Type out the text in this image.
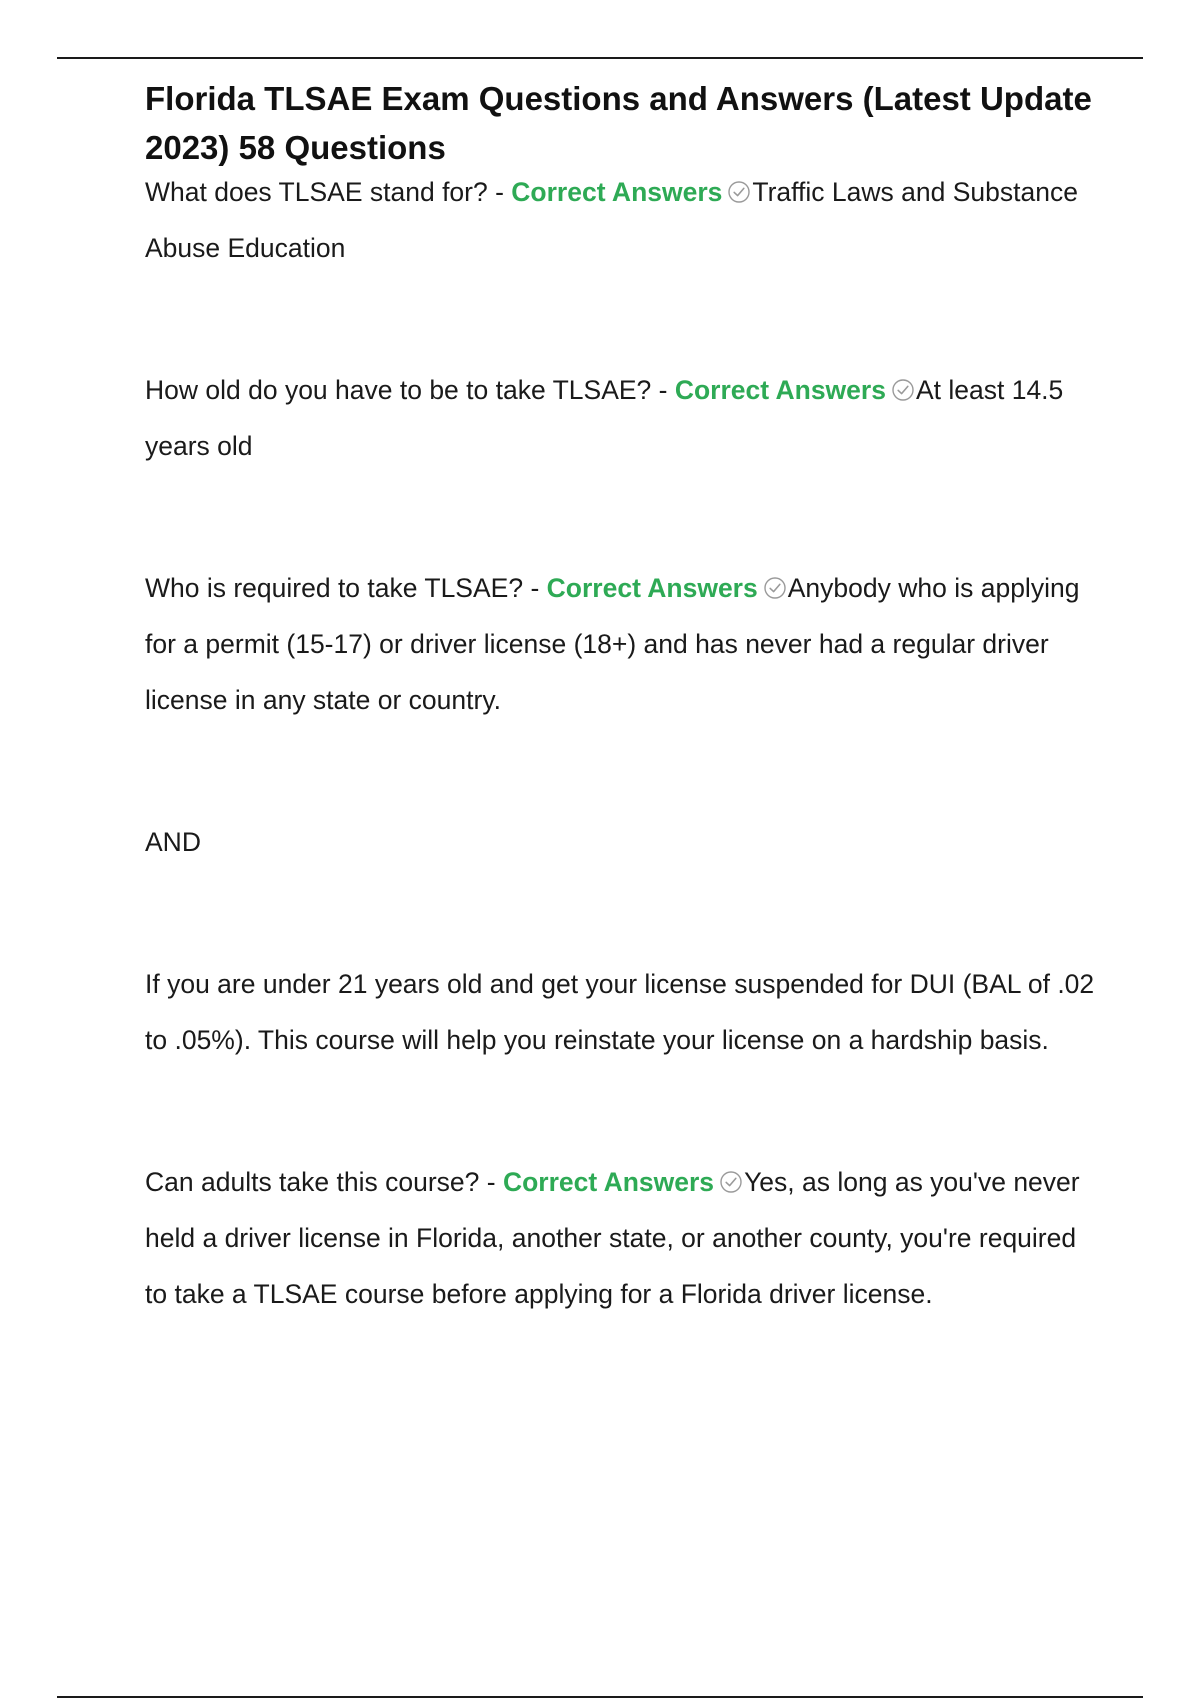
Florida TLSAE Exam Questions and Answers (Latest Update 2023) 58 Questions

What does TLSAE stand for? - Correct Answers Traffic Laws and Substance Abuse Education

How old do you have to be to take TLSAE? - Correct Answers At least 14.5 years old

Who is required to take TLSAE? - Correct Answers Anybody who is applying for a permit (15-17) or driver license (18+) and has never had a regular driver license in any state or country.

AND

If you are under 21 years old and get your license suspended for DUI (BAL of .02 to .05%). This course will help you reinstate your license on a hardship basis.

Can adults take this course? - Correct Answers Yes, as long as you've never held a driver license in Florida, another state, or another county, you're required to take a TLSAE course before applying for a Florida driver license.
